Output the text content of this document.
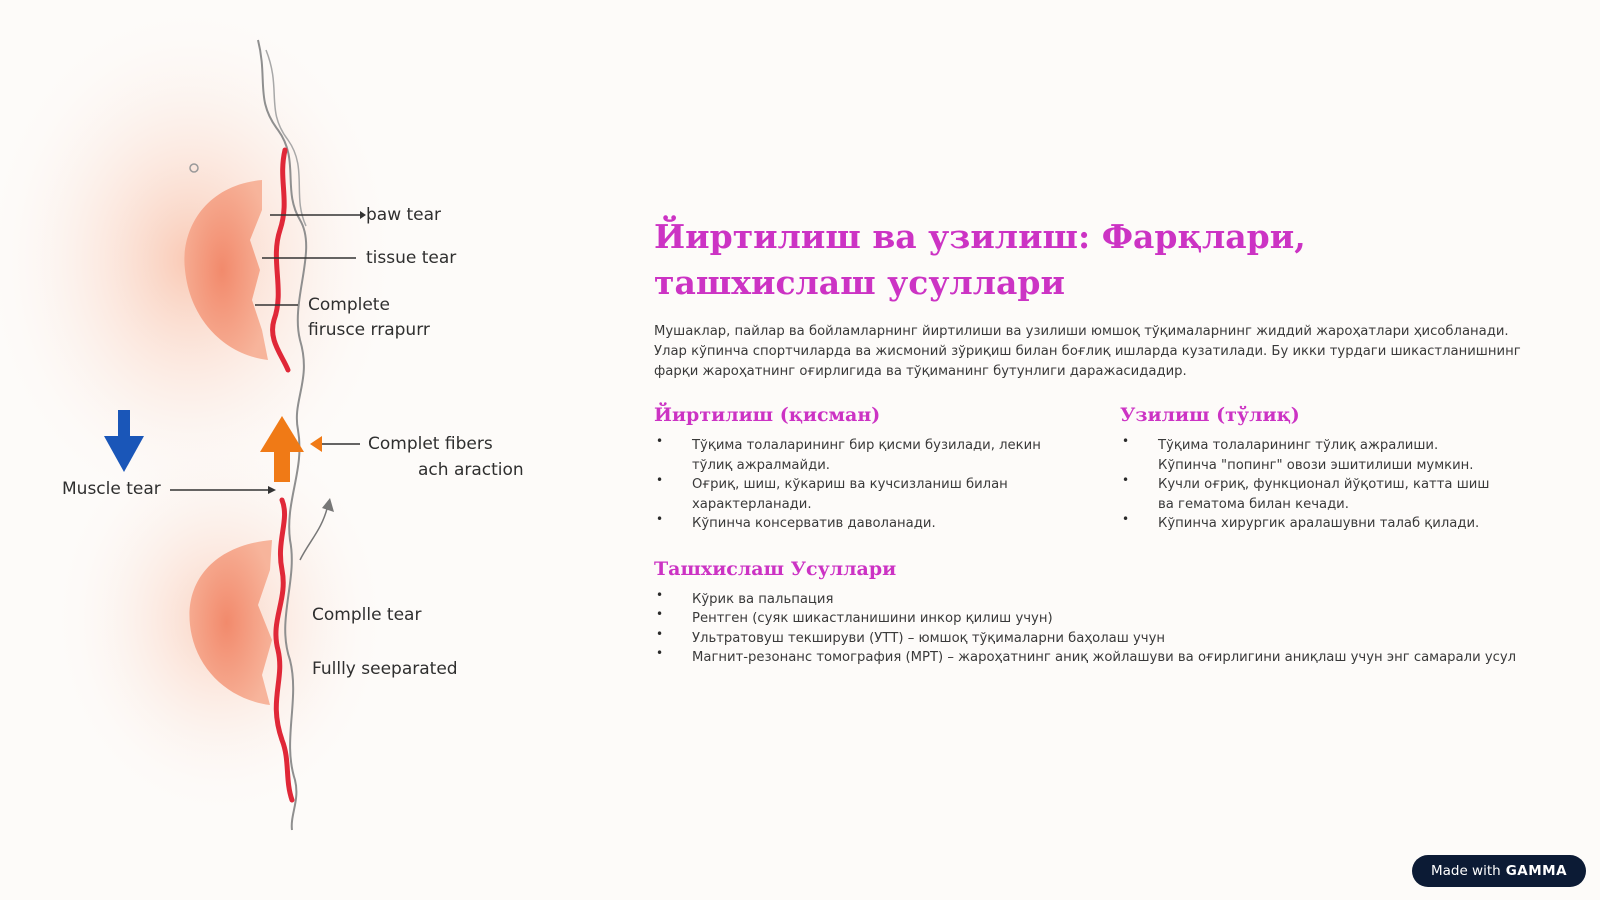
þaw tear
tissue tear
Complete
firusce rrapurr
Complet fibers
ach araction
Muscle tear
Complle tear
Fullly seeparated
Йиртилиш ва узилиш: Фарқлари, ташхислаш усуллари

Мушаклар, пайлар ва бойламларнинг йиртилиши ва узилиши юмшоқ тўқималарнинг жиддий жароҳатлари ҳисобланади. Улар кўпинча спортчиларда ва жисмоний зўриқиш билан боғлиқ ишларда кузатилади. Бу икки турдаги шикастланишнинг фарқи жароҳатнинг оғирлигида ва тўқиманинг бутунлиги даражасидадир.

Йиртилиш (қисман)
• Тўқима толаларининг бир қисми бузилади, лекин тўлиқ ажралмайди.
• Оғриқ, шиш, кўкариш ва кучсизланиш билан характерланади.
• Кўпинча консерватив даволанади.
Узилиш (тўлиқ)
• Тўқима толаларининг тўлиқ ажралиши. Кўпинча "попинг" овози эшитилиши мумкин.
• Кучли оғриқ, функционал йўқотиш, катта шиш ва гематома билан кечади.
• Кўпинча хирургик аралашувни талаб қилади.
Ташхислаш Усуллари
• Кўрик ва пальпация
• Рентген (суяк шикастланишини инкор қилиш учун)
• Ультратовуш текшируви (УТТ) – юмшоқ тўқималарни баҳолаш учун
• Магнит-резонанс томография (МРТ) – жароҳатнинг аниқ жойлашуви ва оғирлигини аниқлаш учун энг самарали усул
Made with GAMMA
